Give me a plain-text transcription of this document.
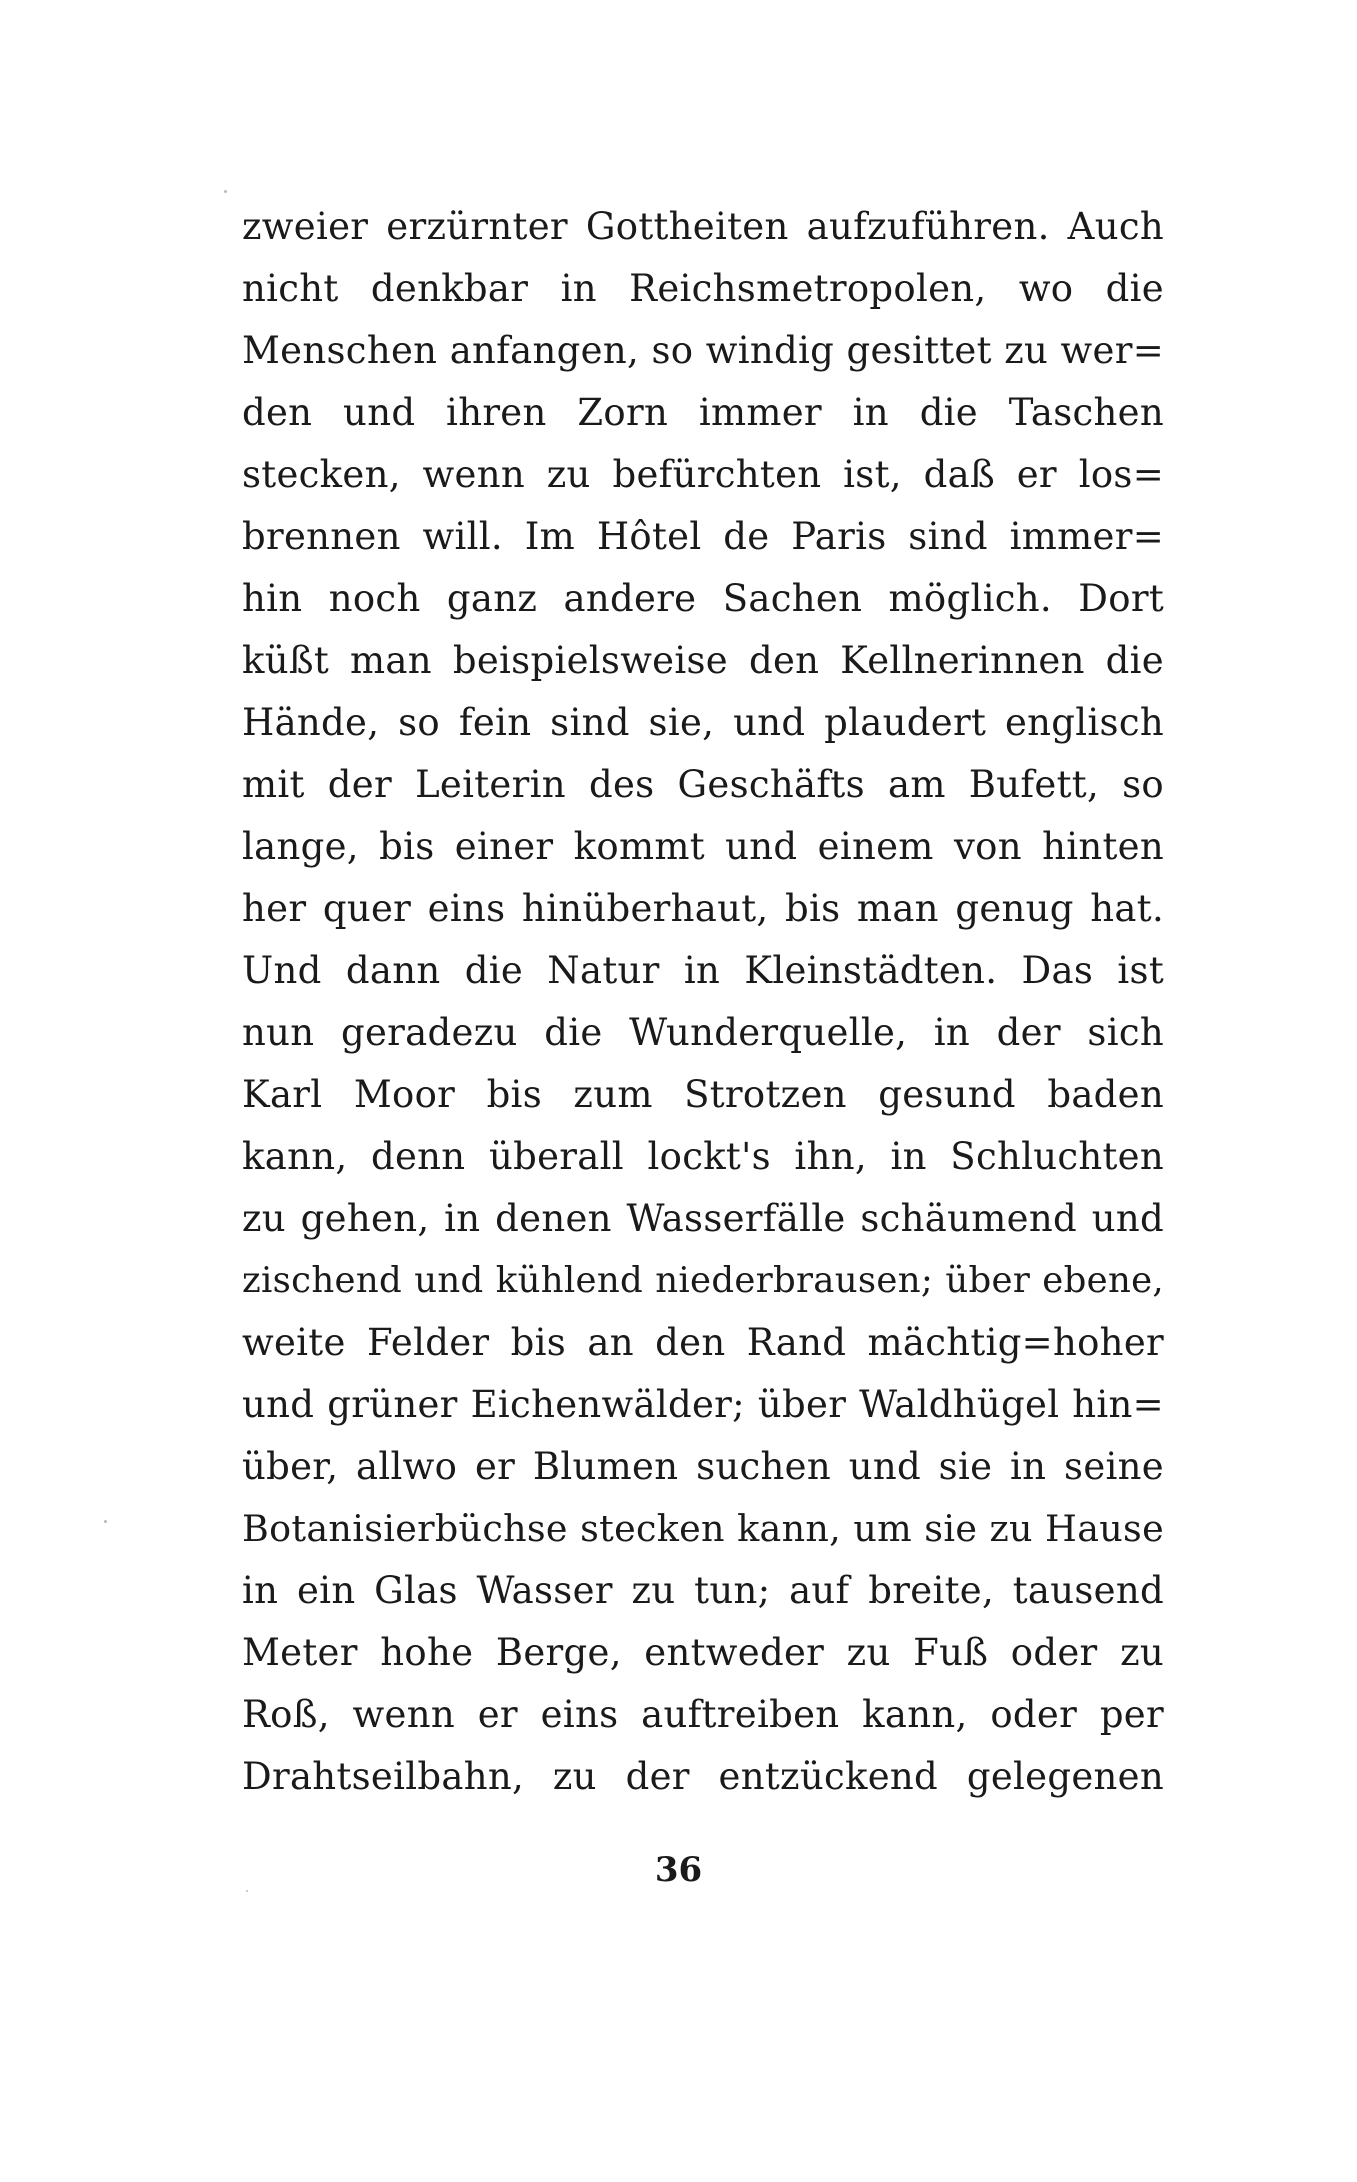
zweier erzürnter Gottheiten aufzuführen. Auch
nicht denkbar in Reichsmetropolen, wo die
Menschen anfangen, so windig gesittet zu wer=
den und ihren Zorn immer in die Taschen
stecken, wenn zu befürchten ist, daß er los=
brennen will. Im Hôtel de Paris sind immer=
hin noch ganz andere Sachen möglich. Dort
küßt man beispielsweise den Kellnerinnen die
Hände, so fein sind sie, und plaudert englisch
mit der Leiterin des Geschäfts am Bufett, so
lange, bis einer kommt und einem von hinten
her quer eins hinüberhaut, bis man genug hat.
Und dann die Natur in Kleinstädten. Das ist
nun geradezu die Wunderquelle, in der sich
Karl Moor bis zum Strotzen gesund baden
kann, denn überall lockt's ihn, in Schluchten
zu gehen, in denen Wasserfälle schäumend und
zischend und kühlend niederbrausen; über ebene,
weite Felder bis an den Rand mächtig=hoher
und grüner Eichenwälder; über Waldhügel hin=
über, allwo er Blumen suchen und sie in seine
Botanisierbüchse stecken kann, um sie zu Hause
in ein Glas Wasser zu tun; auf breite, tausend
Meter hohe Berge, entweder zu Fuß oder zu
Roß, wenn er eins auftreiben kann, oder per
Drahtseilbahn, zu der entzückend gelegenen
36
